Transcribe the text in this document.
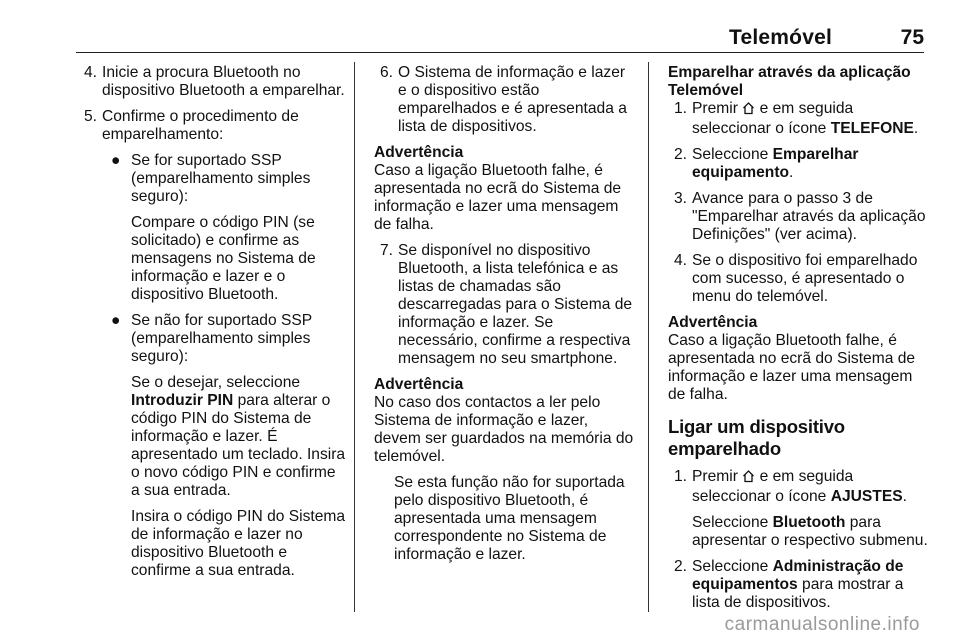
Telemóvel	75
4. Inicie a procura Bluetooth no dispositivo Bluetooth a emparelhar.
5. Confirme o procedimento de emparelhamento:
● Se for suportado SSP (emparelhamento simples seguro):
Compare o código PIN (se solicitado) e confirme as mensagens no Sistema de informação e lazer e o dispositivo Bluetooth.
● Se não for suportado SSP (emparelhamento simples seguro):
Se o desejar, seleccione Introduzir PIN para alterar o código PIN do Sistema de informação e lazer. É apresentado um teclado. Insira o novo código PIN e confirme a sua entrada.
Insira o código PIN do Sistema de informação e lazer no dispositivo Bluetooth e confirme a sua entrada.
6. O Sistema de informação e lazer e o dispositivo estão emparelhados e é apresentada a lista de dispositivos.
Advertência
Caso a ligação Bluetooth falhe, é apresentada no ecrã do Sistema de informação e lazer uma mensagem de falha.
7. Se disponível no dispositivo Bluetooth, a lista telefónica e as listas de chamadas são descarregadas para o Sistema de informação e lazer. Se necessário, confirme a respectiva mensagem no seu smartphone.
Advertência
No caso dos contactos a ler pelo Sistema de informação e lazer, devem ser guardados na memória do telemóvel.
Se esta função não for suportada pelo dispositivo Bluetooth, é apresentada uma mensagem correspondente no Sistema de informação e lazer.
Emparelhar através da aplicação Telemóvel
1. Premir  e em seguida seleccionar o ícone TELEFONE.
2. Seleccione Emparelhar equipamento.
3. Avance para o passo 3 de "Emparelhar através da aplicação Definições" (ver acima).
4. Se o dispositivo foi emparelhado com sucesso, é apresentado o menu do telemóvel.
Advertência
Caso a ligação Bluetooth falhe, é apresentada no ecrã do Sistema de informação e lazer uma mensagem de falha.
Ligar um dispositivo emparelhado
1. Premir  e em seguida seleccionar o ícone AJUSTES.
Seleccione Bluetooth para apresentar o respectivo submenu.
2. Seleccione Administração de equipamentos para mostrar a lista de dispositivos.
carmanualsonline.info
